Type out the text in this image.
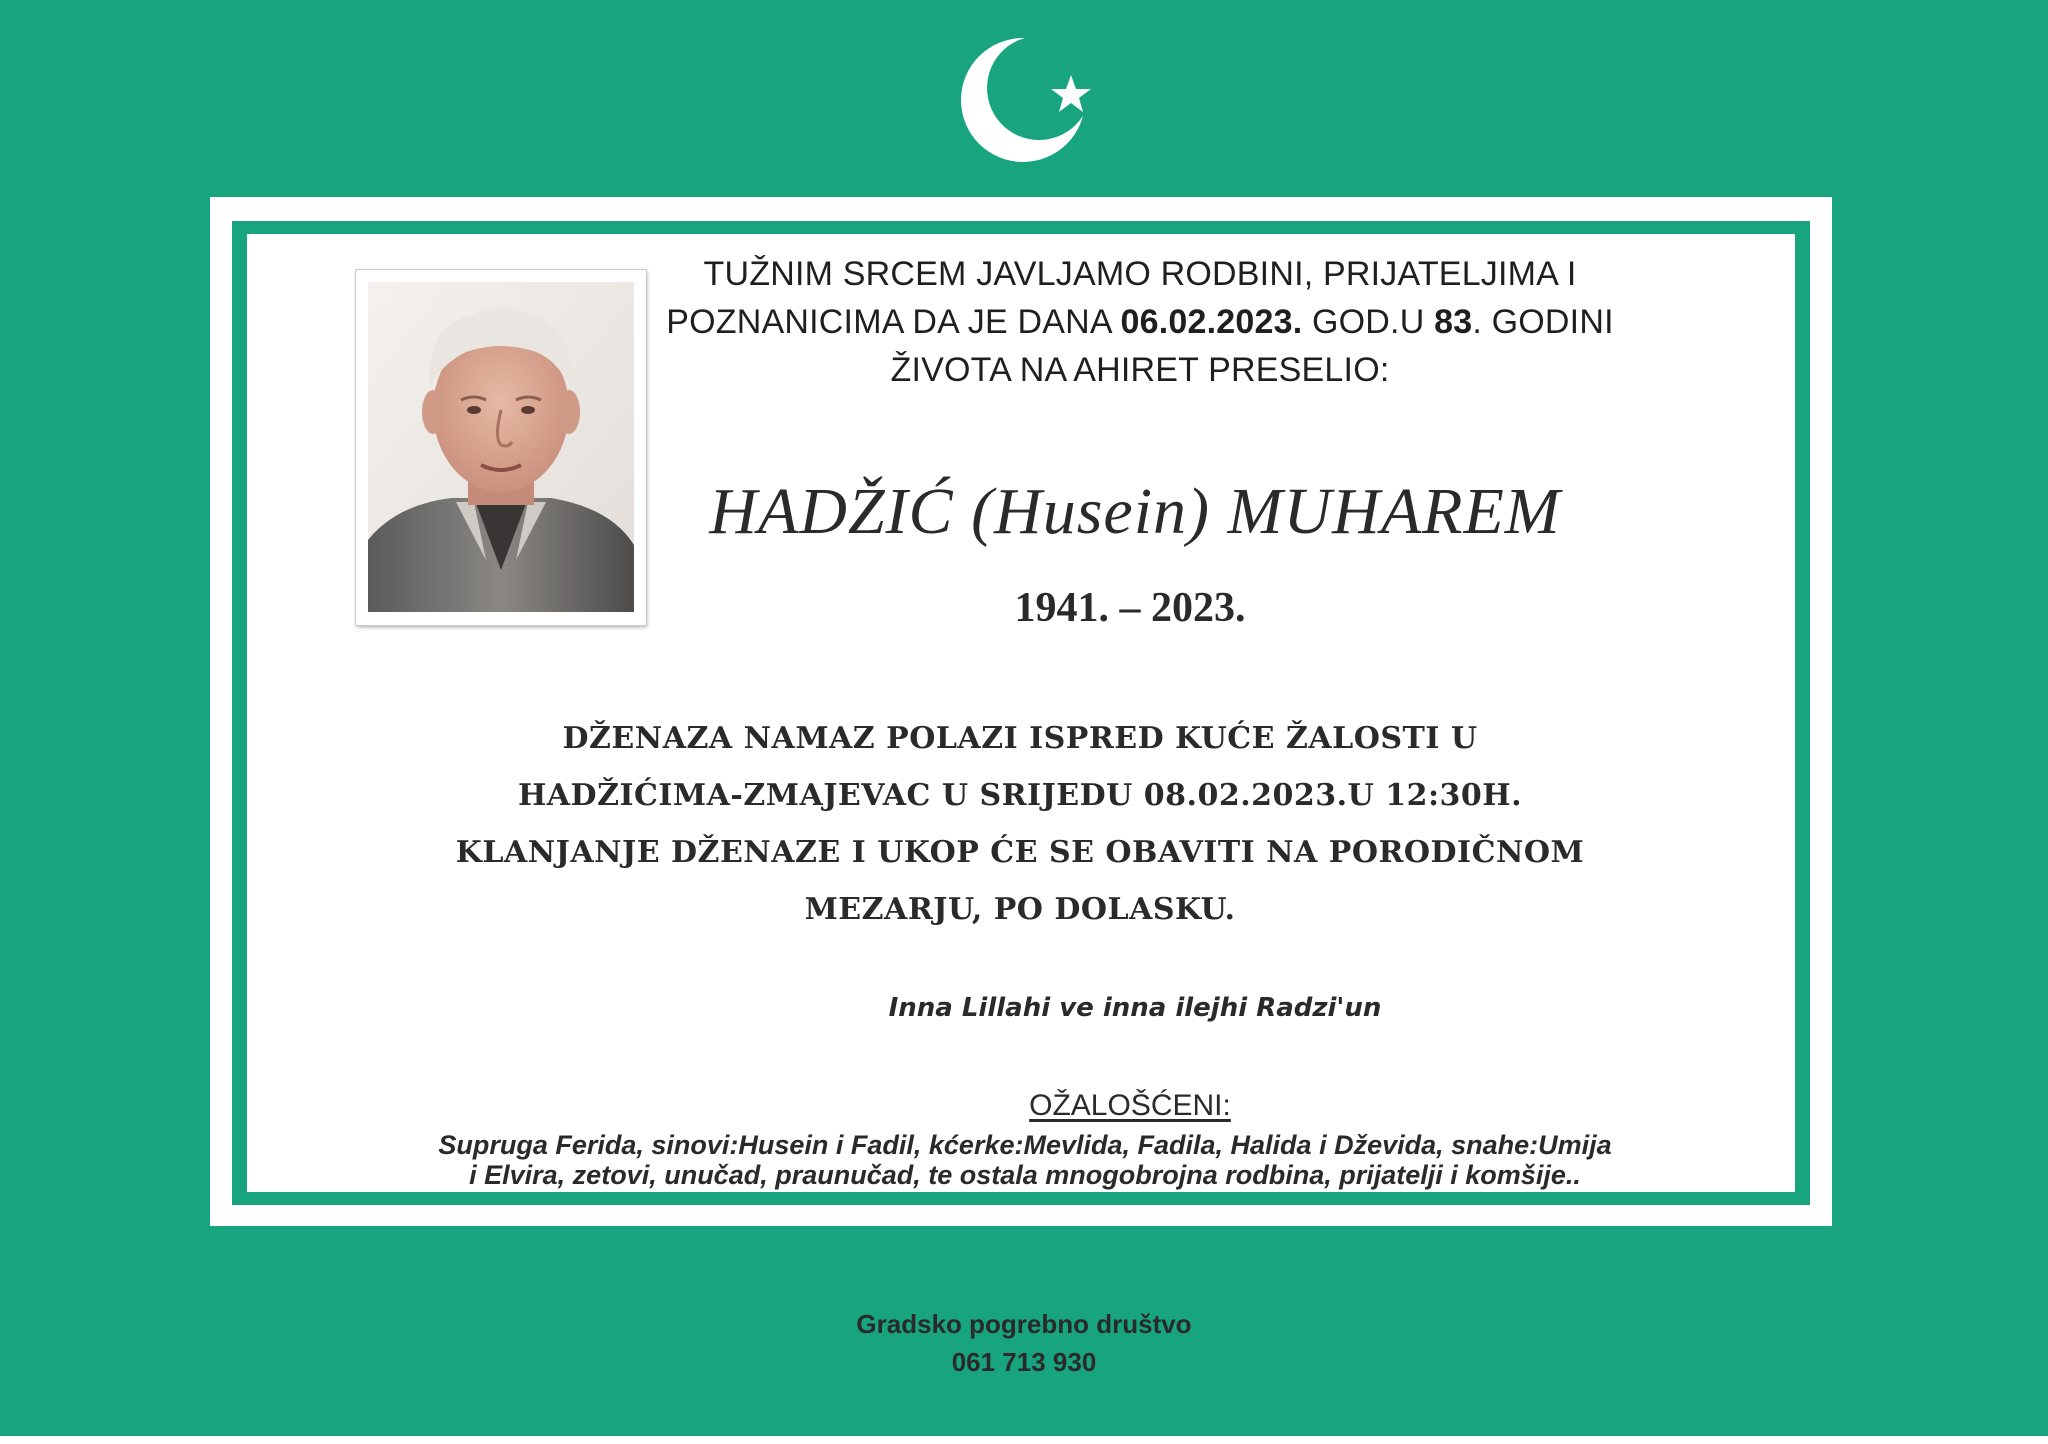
TUŽNIM SRCEM JAVLJAMO RODBINI, PRIJATELJIMA I
POZNANICIMA DA JE DANA 06.02.2023. GOD.U 83. GODINI
ŽIVOTA NA AHIRET PRESELIO:
HADŽIĆ (Husein) MUHAREM
1941. – 2023.
DŽENAZA NAMAZ POLAZI ISPRED KUĆE ŽALOSTI U
HADŽIĆIMA-ZMAJEVAC U SRIJEDU 08.02.2023.U 12:30H.
KLANJANJE DŽENAZE I UKOP ĆE SE OBAVITI NA PORODIČNOM
MEZARJU, PO DOLASKU.
Inna Lillahi ve inna ilejhi Radzi'un
OŽALOŠĆENI:
Supruga Ferida, sinovi:Husein i Fadil, kćerke:Mevlida, Fadila, Halida i Dževida, snahe:Umija
i Elvira, zetovi, unučad, praunučad, te ostala mnogobrojna rodbina, prijatelji i komšije..
Gradsko pogrebno društvo
061 713 930
